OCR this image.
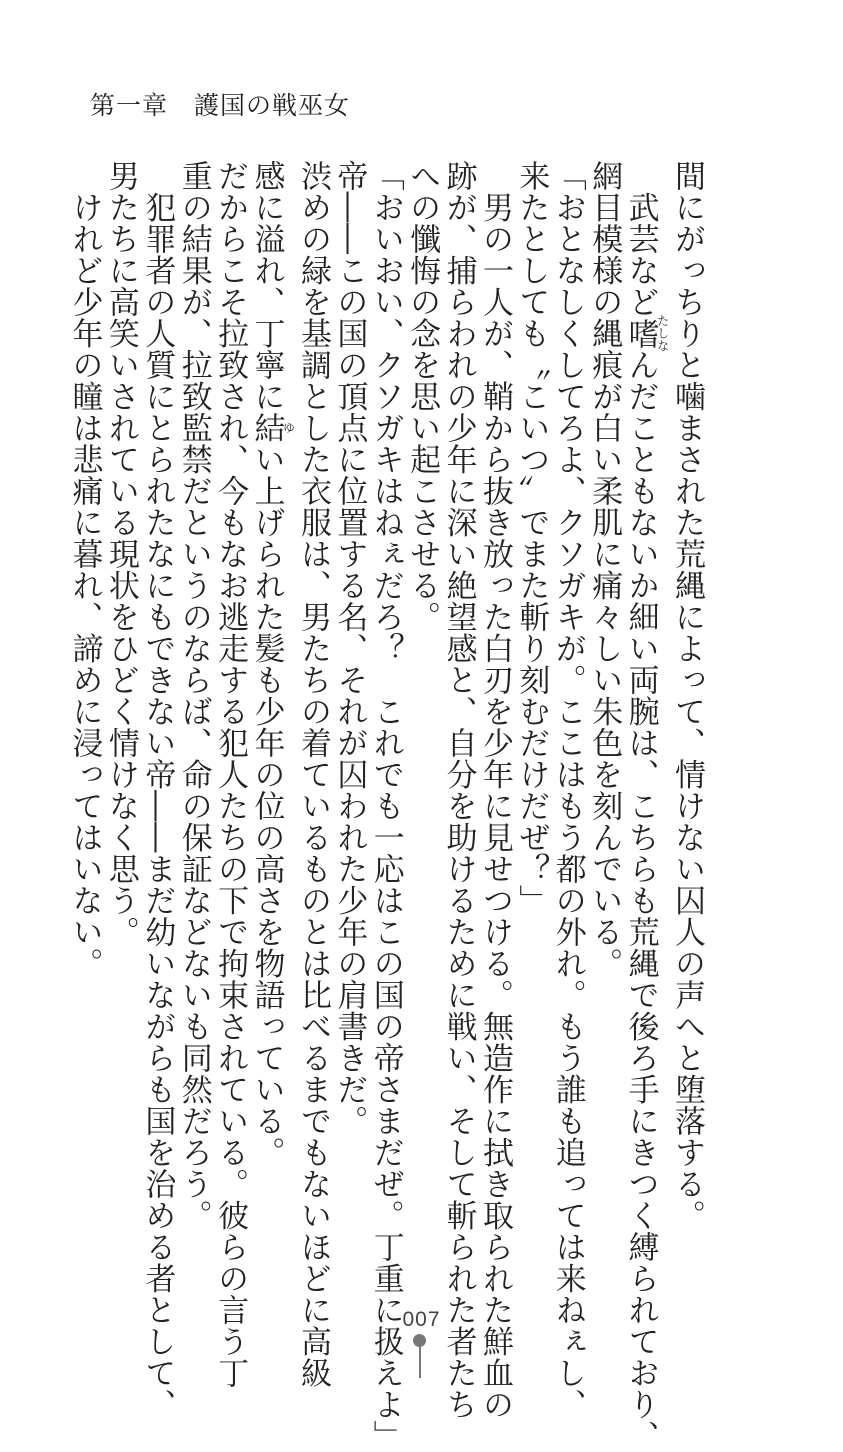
第一章　護国の戦巫女
間にがっちりと噛まされた荒縄によって、情けない囚人の声へと堕落する。
　武芸など嗜たしなんだこともないか細い両腕は、こちらも荒縄で後ろ手にきつく縛られており、
網目模様の縄痕が白い柔肌に痛々しい朱色を刻んでいる。
「おとなしくしてろよ、クソガキが。ここはもう都の外れ。もう誰も追っては来ねぇし、
来たとしても〝こいつ〟でまた斬り刻むだけだぜ？」
　男の一人が、鞘から抜き放った白刃を少年に見せつける。無造作に拭き取られた鮮血の
跡が、捕らわれの少年に深い絶望感と、自分を助けるために戦い、そして斬られた者たち
への懺悔の念を思い起こさせる。
「おいおい、クソガキはねぇだろ？　これでも一応はこの国の帝さまだぜ。丁重に扱えよ」
帝――この国の頂点に位置する名、それが囚われた少年の肩書きだ。
渋めの緑を基調とした衣服は、男たちの着ているものとは比べるまでもないほどに高級
感に溢れ、丁寧に結ゆい上げられた髪も少年の位の高さを物語っている。
だからこそ拉致され、今もなお逃走する犯人たちの下で拘束されている。彼らの言う丁
重の結果が、拉致監禁だというのならば、命の保証などないも同然だろう。
　犯罪者の人質にとられたなにもできない帝――まだ幼いながらも国を治める者として、
男たちに高笑いされている現状をひどく情けなく思う。
　けれど少年の瞳は悲痛に暮れ、諦めに浸ってはいない。
007
